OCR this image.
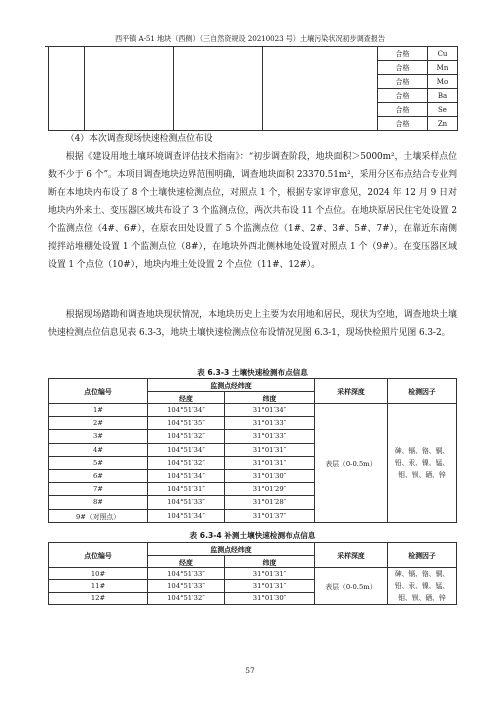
西平镇 A-51 地块（西侧）（三自然资规设 20210023 号）土壤污染状况初步调查报告
				合格	Cu
				合格	Mn
				合格	Mo
				合格	Ba
				合格	Se
				合格	Zn

（4）本次调查现场快速检测点位布设

根据《建设用地土壤环境调查评估技术指南》：“初步调查阶段，地块面积＞5000m²，土壤采样点位数不少于 6 个”。本项目调查地块边界范围明确，调查地块面积 23370.51m²，采用分区布点结合专业判断在本地块内布设了 8 个土壤快速检测点位，对照点 1 个，根据专家评审意见，2024 年 12 月 9 日对地块内外来土、变压器区域共布设了 3 个监测点位，两次共布设 11 个点位。在地块原居民住宅处设置 2 个监测点位（4#、6#），在原农田处设置了 5 个监测点位（1#、2#、3#、5#、7#），在靠近东南侧搅拌站堆棚处设置 1 个监测点位（8#），在地块外西北侧林地处设置对照点 1 个（9#）。在变压器区域设置 1 个点位（10#），地块内堆土处设置 2 个点位（11#、12#）。

根据现场踏勘和调查地块现状情况，本地块历史上主要为农用地和居民，现状为空地，调查地块土壤快速检测点位信息见表 6.3-3，地块土壤快速检测点位布设情况见图 6.3-1，现场快检照片见图 6.3-2。

表 6.3-3 土壤快速检测布点信息
点位编号	监测点经纬度		采样深度	检测因子
	经度	纬度		
1#	104°51′34″	31°01′34″	表层（0-0.5m）	砷、镉、铬、铜、铅、汞、镍、锰、钼、钡、硒、锌
2#	104°51′35″	31°01′33″		
3#	104°51′32″	31°01′33″		
4#	104°51′34″	31°01′31″		
5#	104°51′32″	31°01′31″		
6#	104°51′34″	31°01′30″		
7#	104°51′31″	31°01′29″		
8#	104°51′33″	31°01′28″		
9#（对照点）	104°51′34″	31°01′37″		
表 6.3-4 补测土壤快速检测布点信息
点位编号	监测点经纬度		采样深度	检测因子
	经度	纬度		
10#	104°51′33″	31°01′31″	表层（0-0.5m）	砷、镉、铬、铜、铅、汞、镍、锰、钼、钡、硒、锌
11#	104°51′33″	31°01′31″		
12#	104°51′32″	31°01′30″		
57
